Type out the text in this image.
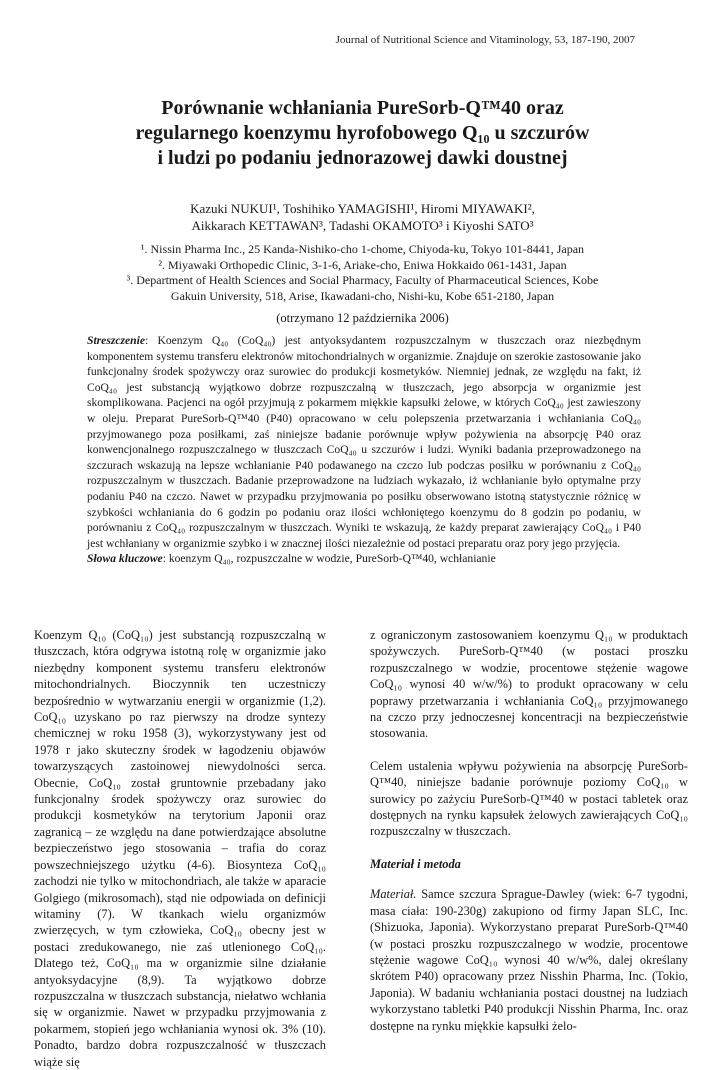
Journal of Nutritional Science and Vitaminology, 53, 187-190, 2007
Porównanie wchłaniania PureSorb-Q™40 oraz
regularnego koenzymu hyrofobowego Q₁₀ u szczurów
i ludzi po podaniu jednorazowej dawki doustnej
Kazuki NUKUI¹, Toshihiko YAMAGISHI¹, Hiromi MIYAWAKI²,
Aikkarach KETTAWAN³, Tadashi OKAMOTO³ i Kiyoshi SATO³
¹. Nissin Pharma Inc., 25 Kanda-Nishiko-cho 1-chome, Chiyoda-ku, Tokyo 101-8441, Japan
². Miyawaki Orthopedic Clinic, 3-1-6, Ariake-cho, Eniwa Hokkaido 061-1431, Japan
³. Department of Health Sciences and Social Pharmacy, Faculty of Pharmaceutical Sciences, Kobe
Gakuin University, 518, Arise, Ikawadani-cho, Nishi-ku, Kobe 651-2180, Japan
(otrzymano 12 października 2006)

Streszczenie: Koenzym Q₄₀ (CoQ₄₀) jest antyoksydantem rozpuszczalnym w tłuszczach oraz niezbędnym komponentem systemu transferu elektronów mitochondrialnych w organizmie. Znajduje on szerokie zastosowanie jako funkcjonalny środek spożywczy oraz surowiec do produkcji kosmetyków. Niemniej jednak, ze względu na fakt, iż CoQ₄₀ jest substancją wyjątkowo dobrze rozpuszczalną w tłuszczach, jego absorpcja w organizmie jest skomplikowana. Pacjenci na ogół przyjmują z pokarmem miękkie kapsułki żelowe, w których CoQ₄₀ jest zawieszony w oleju. Preparat PureSorb-Q™40 (P40) opracowano w celu polepszenia przetwarzania i wchłaniania CoQ₄₀ przyjmowanego poza posiłkami, zaś niniejsze badanie porównuje wpływ pożywienia na absorpcję P40 oraz konwencjonalnego rozpuszczalnego w tłuszczach CoQ₄₀ u szczurów i ludzi. Wyniki badania przeprowadzonego na szczurach wskazują na lepsze wchłanianie P40 podawanego na czczo lub podczas posiłku w porównaniu z CoQ₄₀ rozpuszczalnym w tłuszczach. Badanie przeprowadzone na ludziach wykazało, iż wchłanianie było optymalne przy podaniu P40 na czczo. Nawet w przypadku przyjmowania po posiłku obserwowano istotną statystycznie różnicę w szybkości wchłaniania do 6 godzin po podaniu oraz ilości wchłoniętego koenzymu do 8 godzin po podaniu, w porównaniu z CoQ₄₀ rozpuszczalnym w tłuszczach. Wyniki te wskazują, że każdy preparat zawierający CoQ₄₀ i P40 jest wchłaniany w organizmie szybko i w znacznej ilości niezależnie od postaci preparatu oraz pory jego przyjęcia.

Słowa kluczowe: koenzym Q₄₀, rozpuszczalne w wodzie, PureSorb-Q™40, wchłanianie

Koenzym Q₁₀ (CoQ₁₀) jest substancją rozpuszczalną w tłuszczach, która odgrywa istotną rolę w organizmie jako niezbędny komponent systemu transferu elektronów mitochondrialnych. Bioczynnik ten uczestniczy bezpośrednio w wytwarzaniu energii w organizmie (1,2). CoQ₁₀ uzyskano po raz pierwszy na drodze syntezy chemicznej w roku 1958 (3), wykorzystywany jest od 1978 r jako skuteczny środek w łagodzeniu objawów towarzyszących zastoinowej niewydolności serca. Obecnie, CoQ₁₀ został gruntownie przebadany jako funkcjonalny środek spożywczy oraz surowiec do produkcji kosmetyków na terytorium Japonii oraz zagranicą – ze względu na dane potwierdzające absolutne bezpieczeństwo jego stosowania – trafia do coraz powszechniejszego użytku (4-6). Biosynteza CoQ₁₀ zachodzi nie tylko w mitochondriach, ale także w aparacie Golgiego (mikrosomach), stąd nie odpowiada on definicji witaminy (7). W tkankach wielu organizmów zwierzęcych, w tym człowieka, CoQ₁₀ obecny jest w postaci zredukowanego, nie zaś utlenionego CoQ₁₀. Dlatego też, CoQ₁₀ ma w organizmie silne działanie antyoksydacyjne (8,9). Ta wyjątkowo dobrze rozpuszczalna w tłuszczach substancja, niełatwo wchłania się w organizmie. Nawet w przypadku przyjmowania z pokarmem, stopień jego wchłaniania wynosi ok. 3% (10). Ponadto, bardzo dobra rozpuszczalność w tłuszczach wiąże się

z ograniczonym zastosowaniem koenzymu Q₁₀ w produktach spożywczych. PureSorb-Q™40 (w postaci proszku rozpuszczalnego w wodzie, procentowe stężenie wagowe CoQ₁₀ wynosi 40 w/w/%) to produkt opracowany w celu poprawy przetwarzania i wchłaniania CoQ₁₀ przyjmowanego na czczo przy jednoczesnej koncentracji na bezpieczeństwie stosowania.

Celem ustalenia wpływu pożywienia na absorpcję PureSorb-Q™40, niniejsze badanie porównuje poziomy CoQ₁₀ w surowicy po zażyciu PureSorb-Q™40 w postaci tabletek oraz dostępnych na rynku kapsułek żelowych zawierających CoQ₁₀ rozpuszczalny w tłuszczach.

Materiał i metoda

Materiał. Samce szczura Sprague-Dawley (wiek: 6-7 tygodni, masa ciała: 190-230g) zakupiono od firmy Japan SLC, Inc. (Shizuoka, Japonia). Wykorzystano preparat PureSorb-Q™40 (w postaci proszku rozpuszczalnego w wodzie, procentowe stężenie wagowe CoQ₁₀ wynosi 40 w/w%, dalej określany skrótem P40) opracowany przez Nisshin Pharma, Inc. (Tokio, Japonia). W badaniu wchłaniania postaci doustnej na ludziach wykorzystano tabletki P40 produkcji Nisshin Pharma, Inc. oraz dostępne na rynku miękkie kapsułki żelo-
